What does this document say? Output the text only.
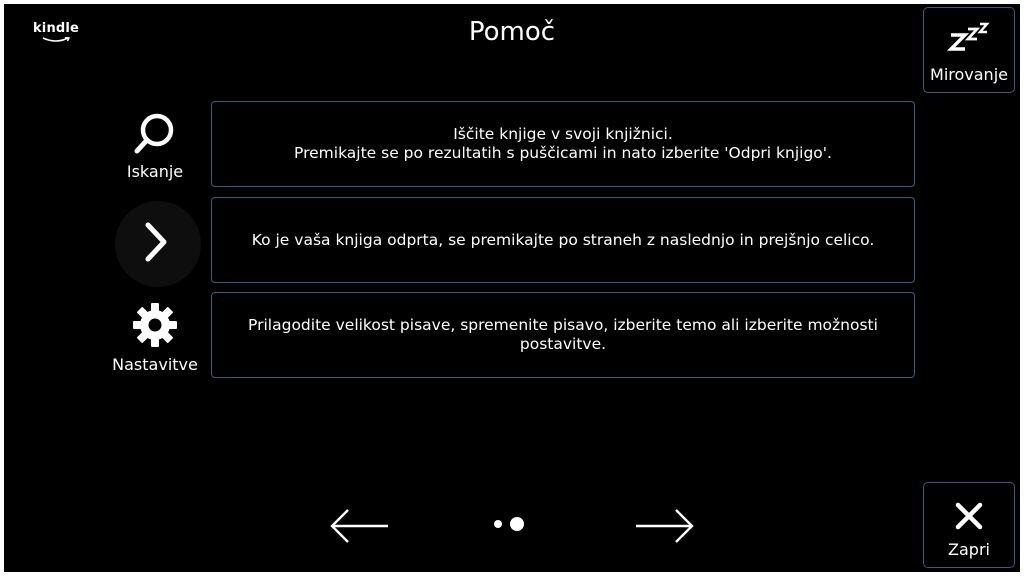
kindle	Pomoč
Mirovanje
Iskanje
Iščite knjige v svoji knjižnici.
Premikajte se po rezultatih s puščicami in nato izberite 'Odpri knjigo'.
Ko je vaša knjiga odprta, se premikajte po straneh z naslednjo in prejšnjo celico.
Nastavitve
Prilagodite velikost pisave, spremenite pisavo, izberite temo ali izberite možnosti
postavitve.
Zapri
